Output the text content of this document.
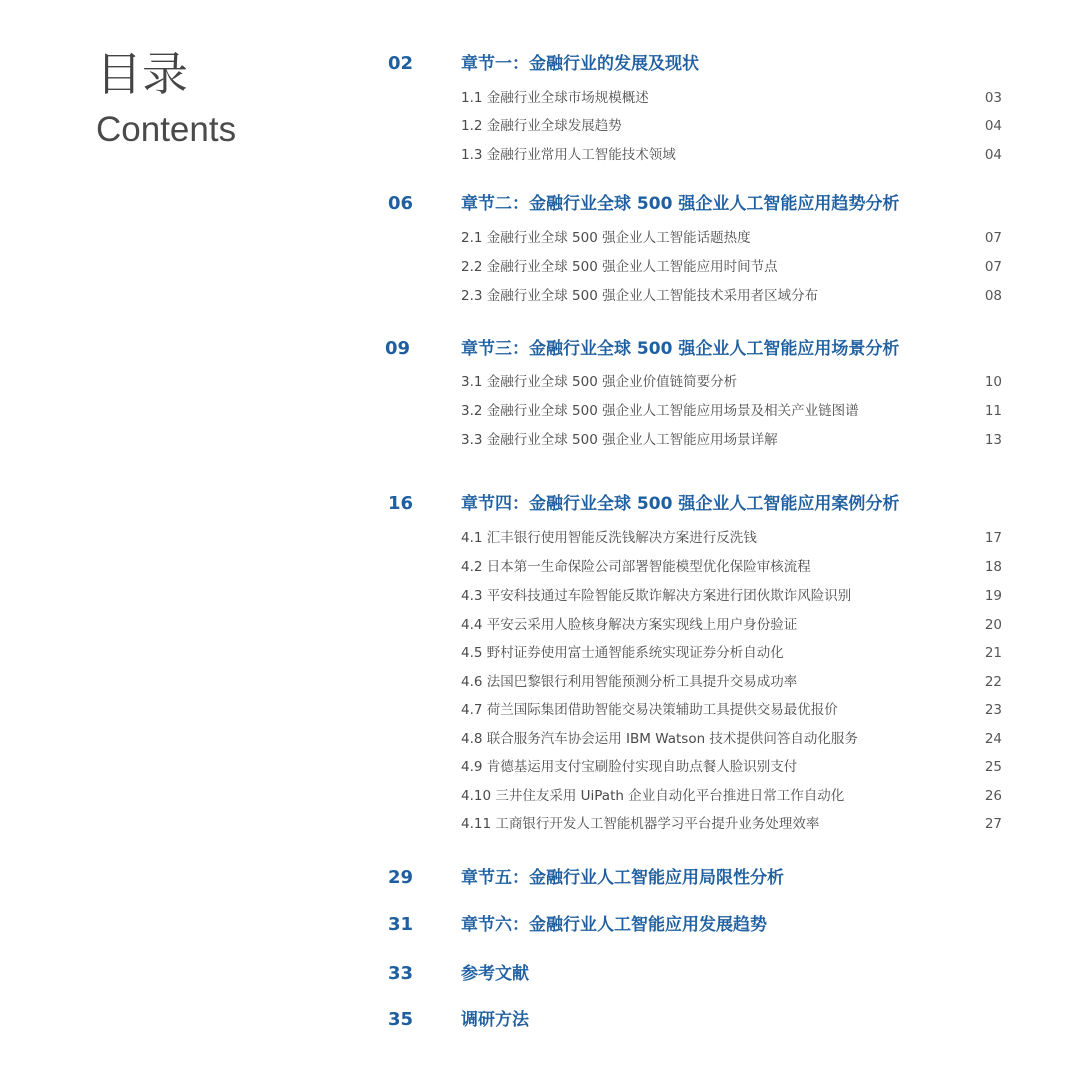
目录
Contents
02	章节一：金融行业的发展及现状
1.1 金融行业全球市场规模概述	03
1.2 金融行业全球发展趋势	04
1.3 金融行业常用人工智能技术领域	04
06	章节二：金融行业全球 500 强企业人工智能应用趋势分析
2.1 金融行业全球 500 强企业人工智能话题热度	07
2.2 金融行业全球 500 强企业人工智能应用时间节点	07
2.3 金融行业全球 500 强企业人工智能技术采用者区域分布	08
09	章节三：金融行业全球 500 强企业人工智能应用场景分析
3.1 金融行业全球 500 强企业价值链简要分析	10
3.2 金融行业全球 500 强企业人工智能应用场景及相关产业链图谱	11
3.3 金融行业全球 500 强企业人工智能应用场景详解	13
16	章节四：金融行业全球 500 强企业人工智能应用案例分析
4.1 汇丰银行使用智能反洗钱解决方案进行反洗钱	17
4.2 日本第一生命保险公司部署智能模型优化保险审核流程	18
4.3 平安科技通过车险智能反欺诈解决方案进行团伙欺诈风险识别	19
4.4 平安云采用人脸核身解决方案实现线上用户身份验证	20
4.5 野村证券使用富士通智能系统实现证券分析自动化	21
4.6 法国巴黎银行利用智能预测分析工具提升交易成功率	22
4.7 荷兰国际集团借助智能交易决策辅助工具提供交易最优报价	23
4.8 联合服务汽车协会运用 IBM Watson 技术提供问答自动化服务	24
4.9 肯德基运用支付宝刷脸付实现自助点餐人脸识别支付	25
4.10 三井住友采用 UiPath 企业自动化平台推进日常工作自动化	26
4.11 工商银行开发人工智能机器学习平台提升业务处理效率	27
29	章节五：金融行业人工智能应用局限性分析
31	章节六：金融行业人工智能应用发展趋势
33	参考文献
35	调研方法
